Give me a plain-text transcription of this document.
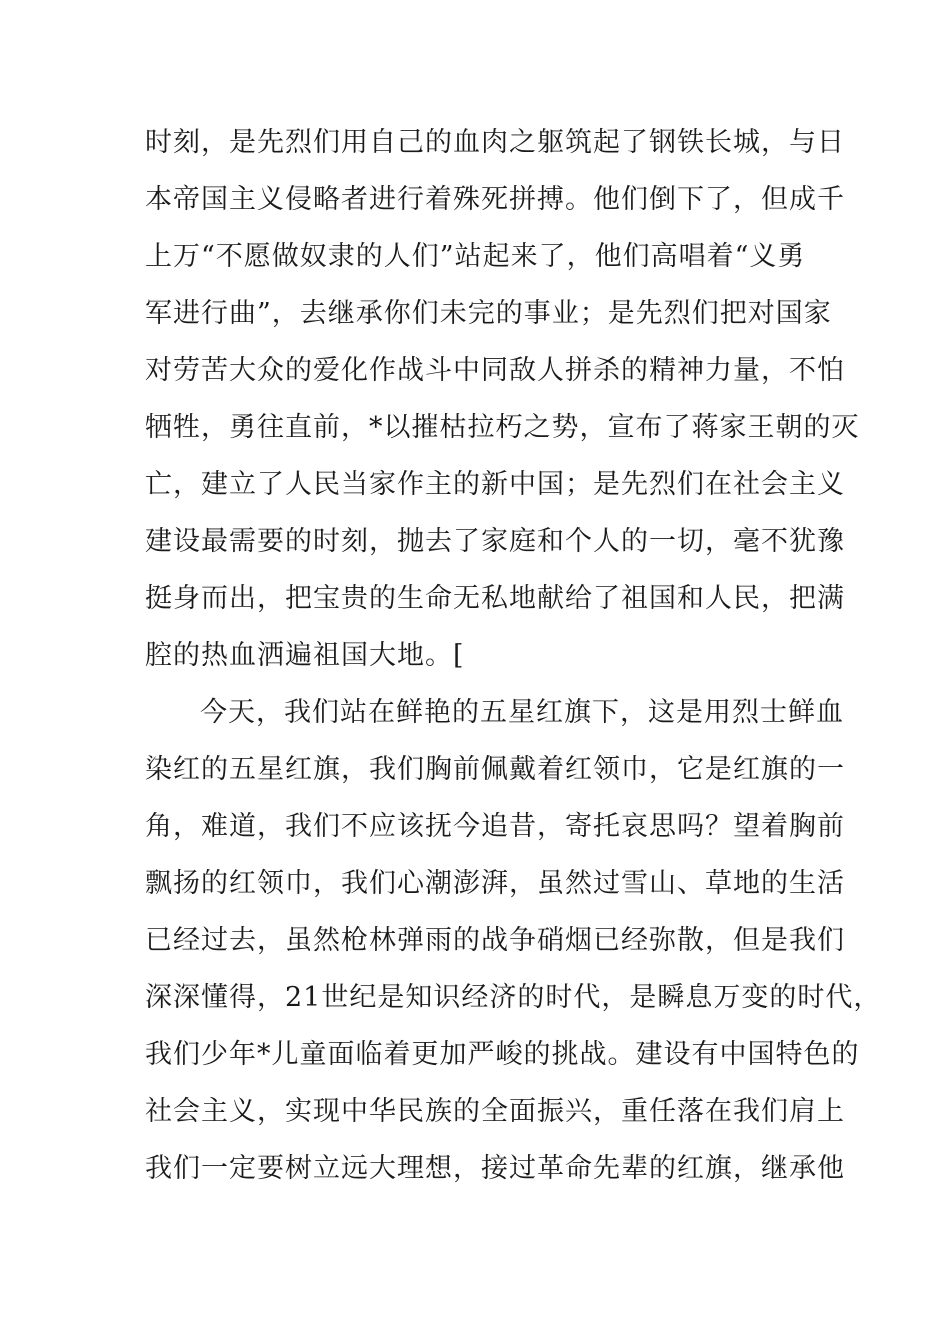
时刻，是先烈们用自己的血肉之躯筑起了钢铁长城，与日
本帝国主义侵略者进行着殊死拼搏。他们倒下了，但成千
上万“不愿做奴隶的人们”站起来了，他们高唱着“义勇
军进行曲”，去继承你们未完的事业；是先烈们把对国家
对劳苦大众的爱化作战斗中同敌人拼杀的精神力量，不怕
牺牲，勇往直前，*以摧枯拉朽之势，宣布了蒋家王朝的灭
亡，建立了人民当家作主的新中国；是先烈们在社会主义
建设最需要的时刻，抛去了家庭和个人的一切，毫不犹豫
挺身而出，把宝贵的生命无私地献给了祖国和人民，把满
腔的热血洒遍祖国大地。[
今天，我们站在鲜艳的五星红旗下，这是用烈士鲜血
染红的五星红旗，我们胸前佩戴着红领巾，它是红旗的一
角，难道，我们不应该抚今追昔，寄托哀思吗？望着胸前
飘扬的红领巾，我们心潮澎湃，虽然过雪山、草地的生活
已经过去，虽然枪林弹雨的战争硝烟已经弥散，但是我们
深深懂得，21世纪是知识经济的时代，是瞬息万变的时代，
我们少年*儿童面临着更加严峻的挑战。建设有中国特色的
社会主义，实现中华民族的全面振兴，重任落在我们肩上
我们一定要树立远大理想，接过革命先辈的红旗，继承他
